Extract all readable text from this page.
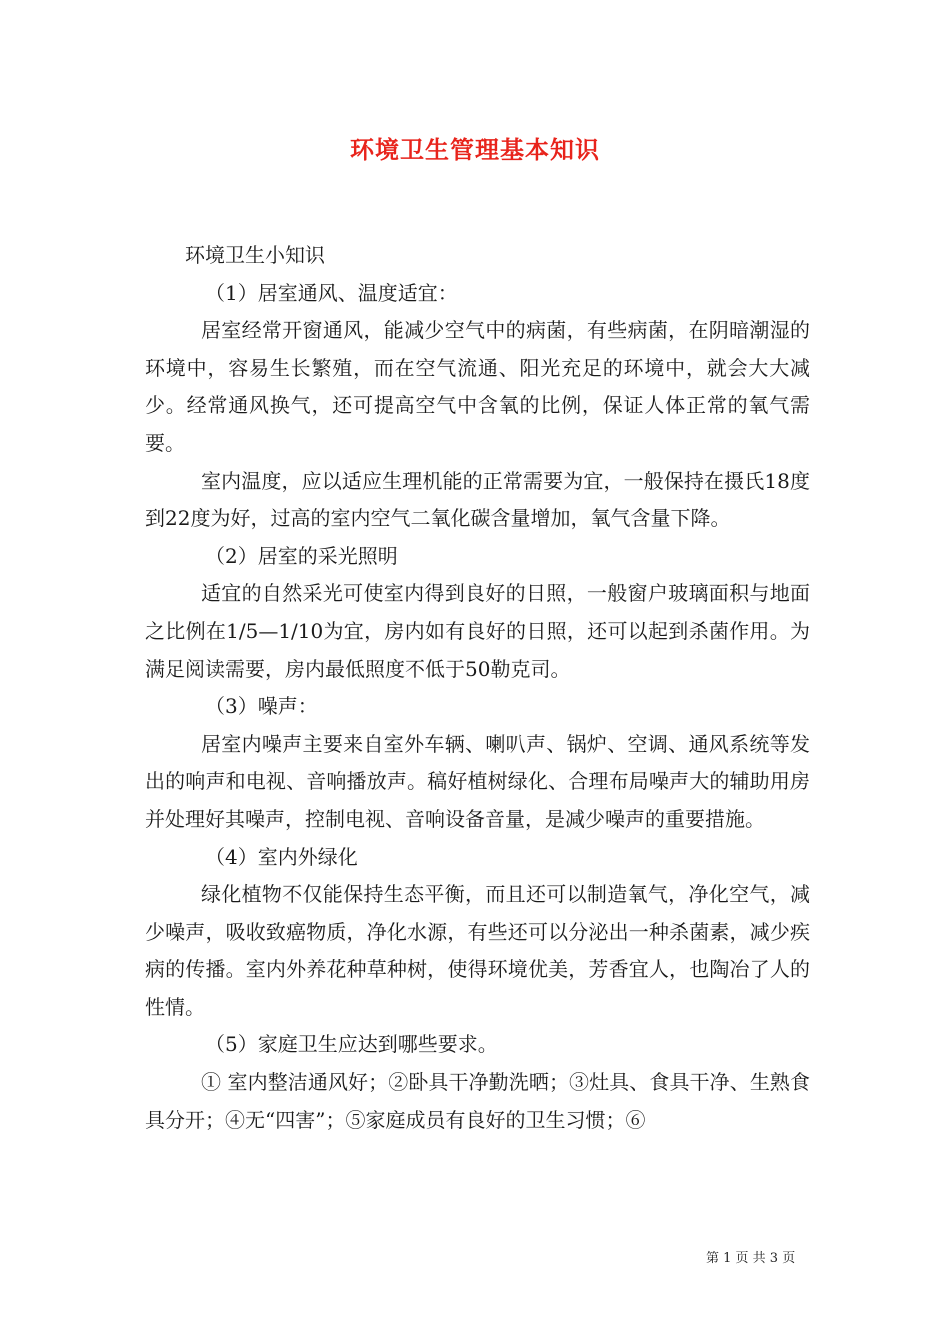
环境卫生管理基本知识

环境卫生小知识

（1）居室通风、温度适宜：

居室经常开窗通风，能减少空气中的病菌，有些病菌，在阴暗潮湿的环境中，容易生长繁殖，而在空气流通、阳光充足的环境中，就会大大减少。经常通风换气，还可提高空气中含氧的比例，保证人体正常的氧气需要。

室内温度，应以适应生理机能的正常需要为宜，一般保持在摄氏18度到22度为好，过高的室内空气二氧化碳含量增加，氧气含量下降。

（2）居室的采光照明

适宜的自然采光可使室内得到良好的日照，一般窗户玻璃面积与地面之比例在1/5—1/10为宜，房内如有良好的日照，还可以起到杀菌作用。为满足阅读需要，房内最低照度不低于50勒克司。

（3）噪声：

居室内噪声主要来自室外车辆、喇叭声、锅炉、空调、通风系统等发出的响声和电视、音响播放声。稿好植树绿化、合理布局噪声大的辅助用房并处理好其噪声，控制电视、音响设备音量，是减少噪声的重要措施。

（4）室内外绿化

绿化植物不仅能保持生态平衡，而且还可以制造氧气，净化空气，减少噪声，吸收致癌物质，净化水源，有些还可以分泌出一种杀菌素，减少疾病的传播。室内外养花种草种树，使得环境优美，芳香宜人，也陶冶了人的性情。

（5）家庭卫生应达到哪些要求。

① 室内整洁通风好；②卧具干净勤洗晒；③灶具、食具干净、生熟食具分开；④无“四害”；⑤家庭成员有良好的卫生习惯；⑥

第 1 页 共 3 页
